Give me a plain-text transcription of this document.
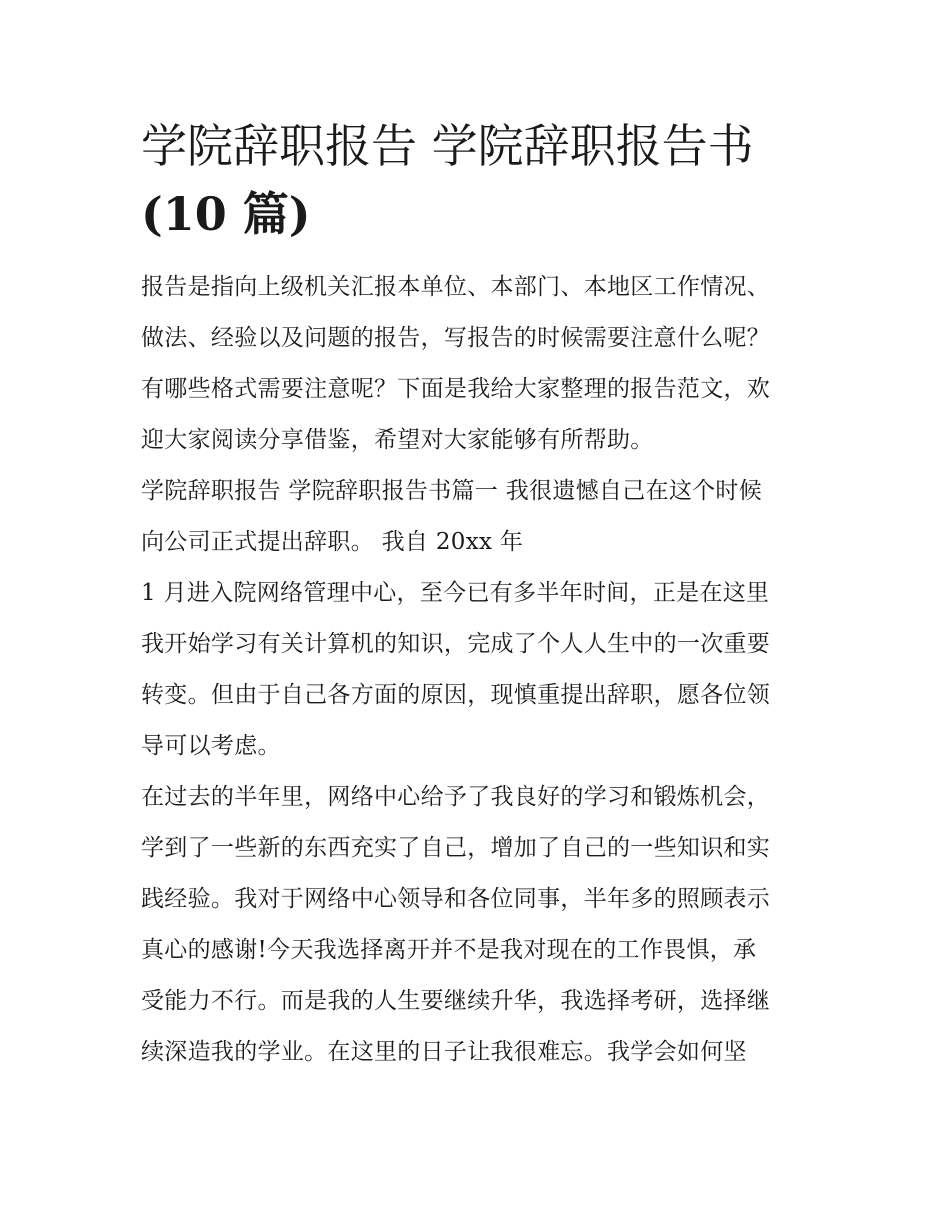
学院辞职报告 学院辞职报告书
(10 篇)

报告是指向上级机关汇报本单位、本部门、本地区工作情况、
做法、经验以及问题的报告，写报告的时候需要注意什么呢？
有哪些格式需要注意呢？下面是我给大家整理的报告范文，欢
迎大家阅读分享借鉴，希望对大家能够有所帮助。

学院辞职报告 学院辞职报告书篇一 我很遗憾自己在这个时候
向公司正式提出辞职。 我自 20xx 年

1 月进入院网络管理中心，至今已有多半年时间，正是在这里
我开始学习有关计算机的知识，完成了个人人生中的一次重要
转变。但由于自己各方面的原因，现慎重提出辞职，愿各位领
导可以考虑。

在过去的半年里，网络中心给予了我良好的学习和锻炼机会，
学到了一些新的东西充实了自己，增加了自己的一些知识和实
践经验。我对于网络中心领导和各位同事，半年多的照顾表示
真心的感谢!今天我选择离开并不是我对现在的工作畏惧，承
受能力不行。而是我的人生要继续升华，我选择考研，选择继
续深造我的学业。在这里的日子让我很难忘。我学会如何坚
